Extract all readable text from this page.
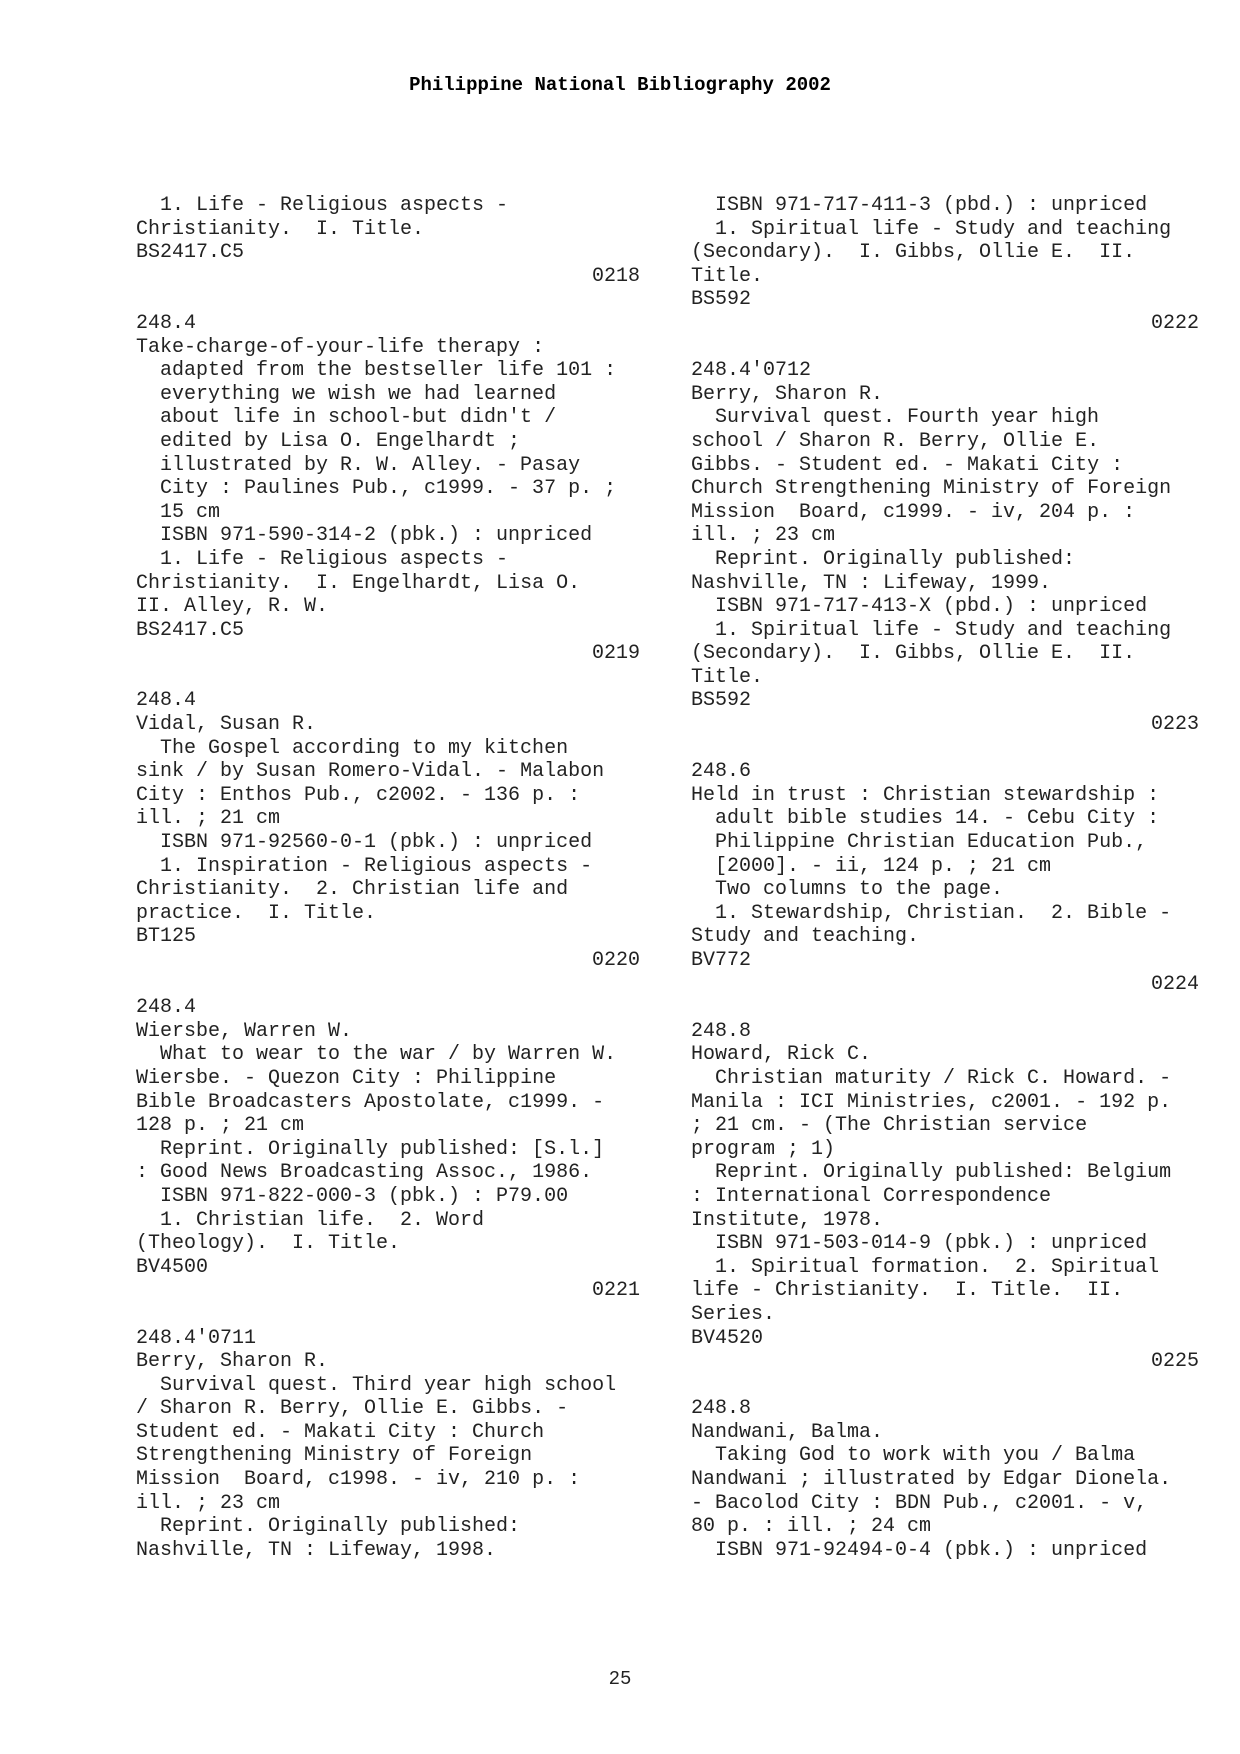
Philippine National Bibliography 2002
1. Life - Religious aspects -
Christianity.  I. Title.
BS2417.C5
0218
248.4
Take-charge-of-your-life therapy :
adapted from the bestseller life 101 :
everything we wish we had learned
about life in school-but didn't /
edited by Lisa O. Engelhardt ;
illustrated by R. W. Alley. - Pasay
City : Paulines Pub., c1999. - 37 p. ;
15 cm
ISBN 971-590-314-2 (pbk.) : unpriced
1. Life - Religious aspects -
Christianity.  I. Engelhardt, Lisa O.
II. Alley, R. W.
BS2417.C5
0219
248.4
Vidal, Susan R.
The Gospel according to my kitchen
sink / by Susan Romero-Vidal. - Malabon
City : Enthos Pub., c2002. - 136 p. :
ill. ; 21 cm
ISBN 971-92560-0-1 (pbk.) : unpriced
1. Inspiration - Religious aspects -
Christianity.  2. Christian life and
practice.  I. Title.
BT125
0220
248.4
Wiersbe, Warren W.
What to wear to the war / by Warren W.
Wiersbe. - Quezon City : Philippine
Bible Broadcasters Apostolate, c1999. -
128 p. ; 21 cm
Reprint. Originally published: [S.l.]
: Good News Broadcasting Assoc., 1986.
ISBN 971-822-000-3 (pbk.) : P79.00
1. Christian life.  2. Word
(Theology).  I. Title.
BV4500
0221
248.4'0711
Berry, Sharon R.
Survival quest. Third year high school
/ Sharon R. Berry, Ollie E. Gibbs. -
Student ed. - Makati City : Church
Strengthening Ministry of Foreign
Mission  Board, c1998. - iv, 210 p. :
ill. ; 23 cm
Reprint. Originally published:
Nashville, TN : Lifeway, 1998.
ISBN 971-717-411-3 (pbd.) : unpriced
1. Spiritual life - Study and teaching
(Secondary).  I. Gibbs, Ollie E.  II.
Title.
BS592
0222
248.4'0712
Berry, Sharon R.
Survival quest. Fourth year high
school / Sharon R. Berry, Ollie E.
Gibbs. - Student ed. - Makati City :
Church Strengthening Ministry of Foreign
Mission  Board, c1999. - iv, 204 p. :
ill. ; 23 cm
Reprint. Originally published:
Nashville, TN : Lifeway, 1999.
ISBN 971-717-413-X (pbd.) : unpriced
1. Spiritual life - Study and teaching
(Secondary).  I. Gibbs, Ollie E.  II.
Title.
BS592
0223
248.6
Held in trust : Christian stewardship :
adult bible studies 14. - Cebu City :
Philippine Christian Education Pub.,
[2000]. - ii, 124 p. ; 21 cm
Two columns to the page.
1. Stewardship, Christian.  2. Bible -
Study and teaching.
BV772
0224
248.8
Howard, Rick C.
Christian maturity / Rick C. Howard. -
Manila : ICI Ministries, c2001. - 192 p.
; 21 cm. - (The Christian service
program ; 1)
Reprint. Originally published: Belgium
: International Correspondence
Institute, 1978.
ISBN 971-503-014-9 (pbk.) : unpriced
1. Spiritual formation.  2. Spiritual
life - Christianity.  I. Title.  II.
Series.
BV4520
0225
248.8
Nandwani, Balma.
Taking God to work with you / Balma
Nandwani ; illustrated by Edgar Dionela.
- Bacolod City : BDN Pub., c2001. - v,
80 p. : ill. ; 24 cm
ISBN 971-92494-0-4 (pbk.) : unpriced
25
